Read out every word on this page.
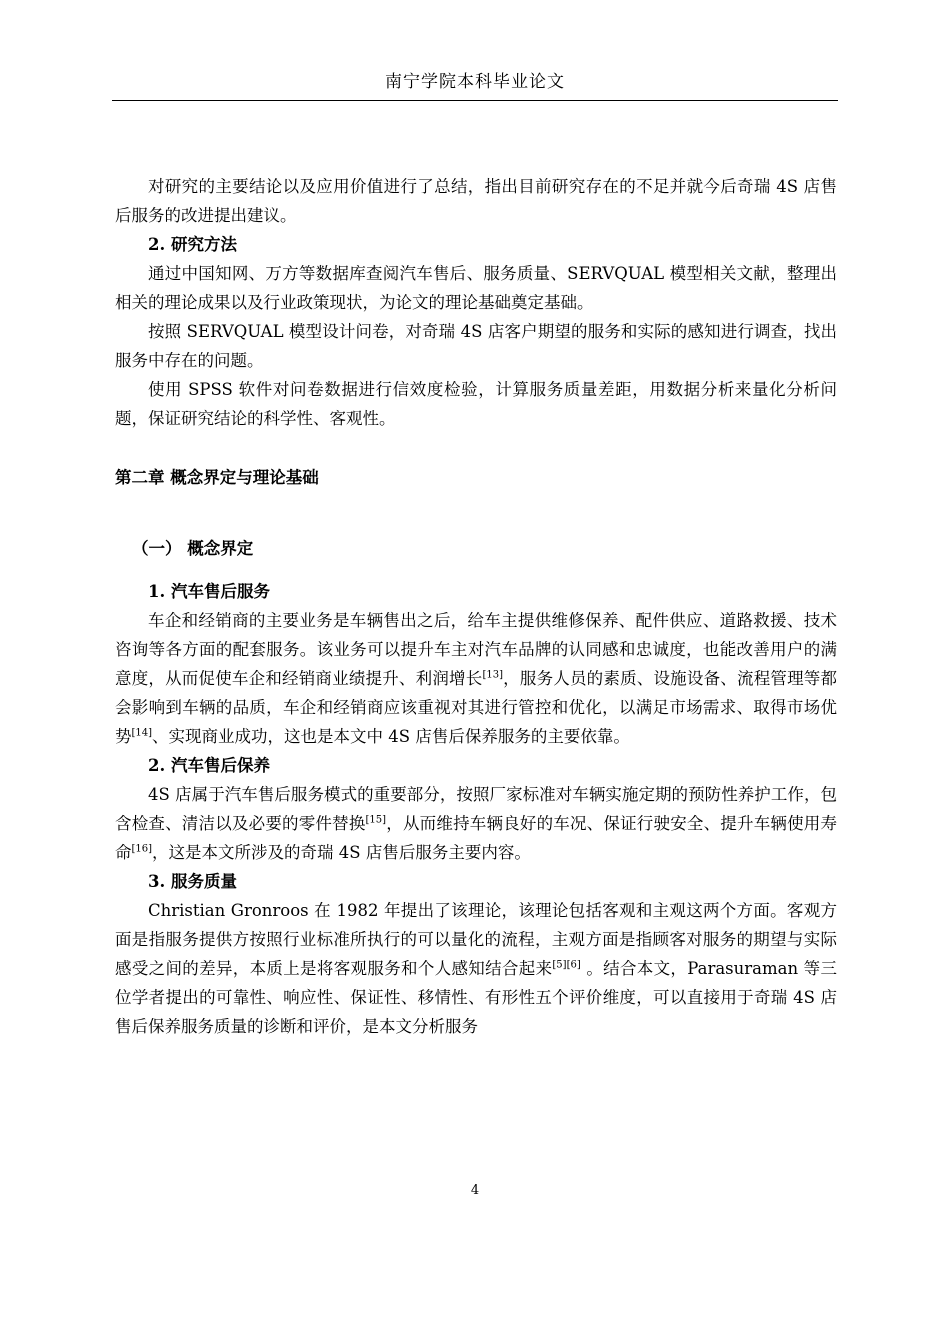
南宁学院本科毕业论文

对研究的主要结论以及应用价值进行了总结，指出目前研究存在的不足并就今后奇瑞 4S 店售后服务的改进提出建议。

2. 研究方法

通过中国知网、万方等数据库查阅汽车售后、服务质量、SERVQUAL 模型相关文献，整理出相关的理论成果以及行业政策现状，为论文的理论基础奠定基础。

按照 SERVQUAL 模型设计问卷，对奇瑞 4S 店客户期望的服务和实际的感知进行调查，找出服务中存在的问题。

使用 SPSS 软件对问卷数据进行信效度检验，计算服务质量差距，用数据分析来量化分析问题，保证研究结论的科学性、客观性。

第二章 概念界定与理论基础

（一） 概念界定

1. 汽车售后服务

车企和经销商的主要业务是车辆售出之后，给车主提供维修保养、配件供应、道路救援、技术咨询等各方面的配套服务。该业务可以提升车主对汽车品牌的认同感和忠诚度，也能改善用户的满意度，从而促使车企和经销商业绩提升、利润增长[13]，服务人员的素质、设施设备、流程管理等都会影响到车辆的品质，车企和经销商应该重视对其进行管控和优化，以满足市场需求、取得市场优势[14]、实现商业成功，这也是本文中 4S 店售后保养服务的主要依靠。

2. 汽车售后保养

4S 店属于汽车售后服务模式的重要部分，按照厂家标准对车辆实施定期的预防性养护工作，包含检查、清洁以及必要的零件替换[15]，从而维持车辆良好的车况、保证行驶安全、提升车辆使用寿命[16]，这是本文所涉及的奇瑞 4S 店售后服务主要内容。

3. 服务质量

Christian Gronroos 在 1982 年提出了该理论，该理论包括客观和主观这两个方面。客观方面是指服务提供方按照行业标准所执行的可以量化的流程，主观方面是指顾客对服务的期望与实际感受之间的差异，本质上是将客观服务和个人感知结合起来[5][6] 。结合本文，Parasuraman 等三位学者提出的可靠性、响应性、保证性、移情性、有形性五个评价维度，可以直接用于奇瑞 4S 店售后保养服务质量的诊断和评价，是本文分析服务

4
